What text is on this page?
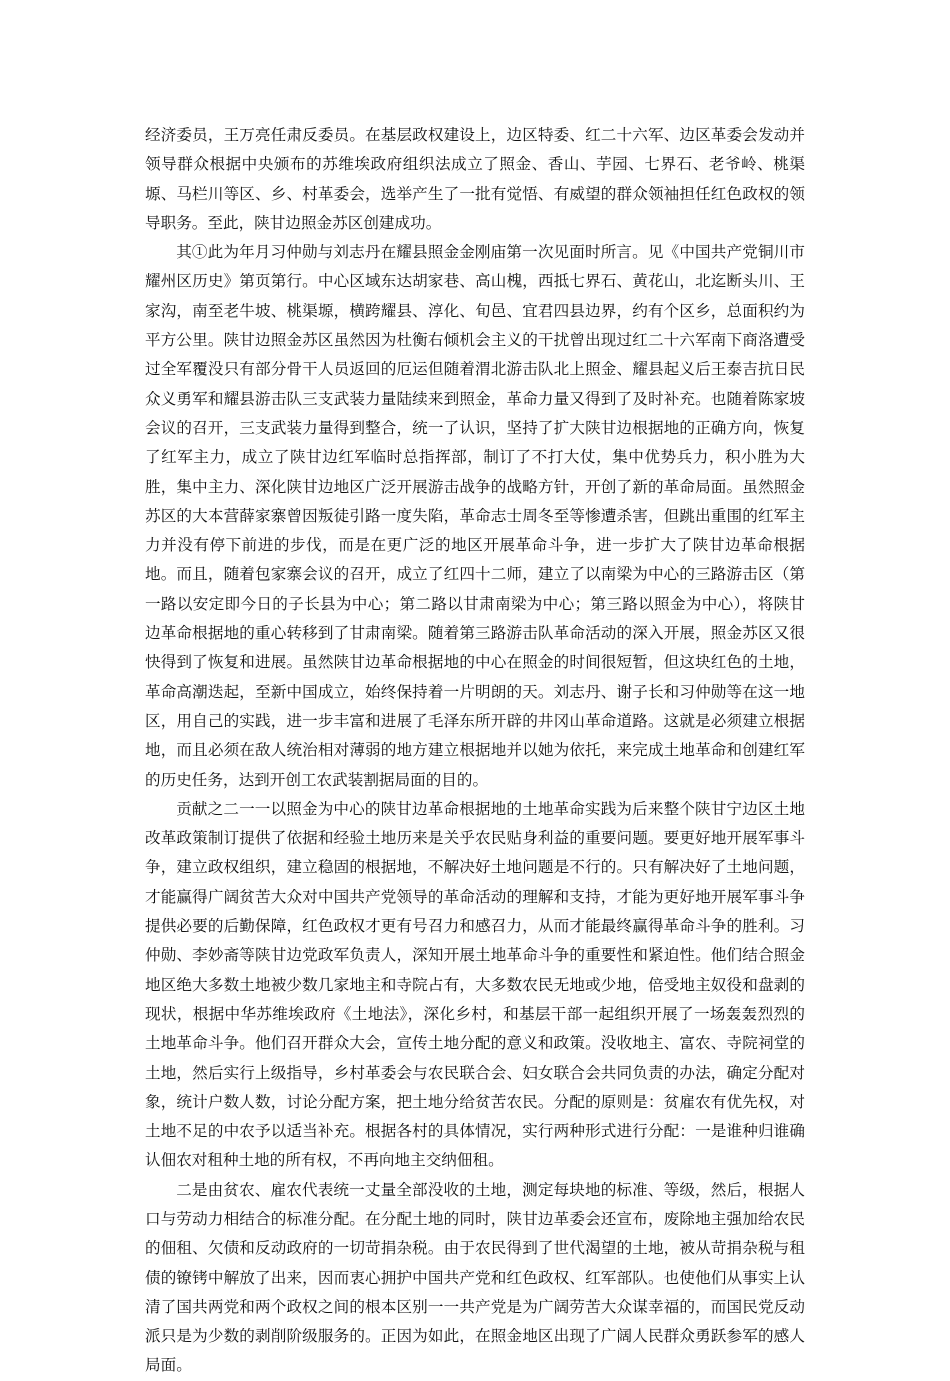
经济委员，王万亮任肃反委员。在基层政权建设上，边区特委、红二十六军、边区革委会发动并领导群众根据中央颁布的苏维埃政府组织法成立了照金、香山、芋园、七界石、老爷岭、桃渠塬、马栏川等区、乡、村革委会，选举产生了一批有觉悟、有威望的群众领袖担任红色政权的领导职务。至此，陕甘边照金苏区创建成功。

其①此为年月习仲勋与刘志丹在耀县照金金刚庙第一次见面时所言。见《中国共产党铜川市耀州区历史》第页第行。中心区域东达胡家巷、高山槐，西抵七界石、黄花山，北迄断头川、王家沟，南至老牛坡、桃渠塬，横跨耀县、淳化、旬邑、宜君四县边界，约有个区乡，总面积约为平方公里。陕甘边照金苏区虽然因为杜衡右倾机会主义的干扰曾出现过红二十六军南下商洛遭受过全军覆没只有部分骨干人员返回的厄运但随着渭北游击队北上照金、耀县起义后王泰吉抗日民众义勇军和耀县游击队三支武装力量陆续来到照金，革命力量又得到了及时补充。也随着陈家坡会议的召开，三支武装力量得到整合，统一了认识，坚持了扩大陕甘边根据地的正确方向，恢复了红军主力，成立了陕甘边红军临时总指挥部，制订了不打大仗，集中优势兵力，积小胜为大胜，集中主力、深化陕甘边地区广泛开展游击战争的战略方针，开创了新的革命局面。虽然照金苏区的大本营薛家寨曾因叛徒引路一度失陷，革命志士周冬至等惨遭杀害，但跳出重围的红军主力并没有停下前进的步伐，而是在更广泛的地区开展革命斗争，进一步扩大了陕甘边革命根据地。而且，随着包家寨会议的召开，成立了红四十二师，建立了以南梁为中心的三路游击区（第一路以安定即今日的子长县为中心；第二路以甘肃南梁为中心；第三路以照金为中心），将陕甘边革命根据地的重心转移到了甘肃南梁。随着第三路游击队革命活动的深入开展，照金苏区又很快得到了恢复和进展。虽然陕甘边革命根据地的中心在照金的时间很短暂，但这块红色的土地，革命高潮迭起，至新中国成立，始终保持着一片明朗的天。刘志丹、谢子长和习仲勋等在这一地区，用自己的实践，进一步丰富和进展了毛泽东所开辟的井冈山革命道路。这就是必须建立根据地，而且必须在敌人统治相对薄弱的地方建立根据地并以她为依托，来完成土地革命和创建红军的历史任务，达到开创工农武装割据局面的目的。

贡献之二一一以照金为中心的陕甘边革命根据地的土地革命实践为后来整个陕甘宁边区土地改革政策制订提供了依据和经验土地历来是关乎农民贴身利益的重要问题。要更好地开展军事斗争，建立政权组织，建立稳固的根据地，不解决好土地问题是不行的。只有解决好了土地问题，才能赢得广阔贫苦大众对中国共产党领导的革命活动的理解和支持，才能为更好地开展军事斗争提供必要的后勤保障，红色政权才更有号召力和感召力，从而才能最终赢得革命斗争的胜利。习仲勋、李妙斋等陕甘边党政军负责人，深知开展土地革命斗争的重要性和紧迫性。他们结合照金地区绝大多数土地被少数几家地主和寺院占有，大多数农民无地或少地，倍受地主奴役和盘剥的现状，根据中华苏维埃政府《土地法》，深化乡村，和基层干部一起组织开展了一场轰轰烈烈的土地革命斗争。他们召开群众大会，宣传土地分配的意义和政策。没收地主、富农、寺院祠堂的土地，然后实行上级指导，乡村革委会与农民联合会、妇女联合会共同负责的办法，确定分配对象，统计户数人数，讨论分配方案，把土地分给贫苦农民。分配的原则是：贫雇农有优先权，对土地不足的中农予以适当补充。根据各村的具体情况，实行两种形式进行分配：一是谁种归谁确认佃农对租种土地的所有权，不再向地主交纳佃租。

二是由贫农、雇农代表统一丈量全部没收的土地，测定每块地的标准、等级，然后，根据人口与劳动力相结合的标准分配。在分配土地的同时，陕甘边革委会还宣布，废除地主强加给农民的佃租、欠债和反动政府的一切苛捐杂税。由于农民得到了世代渴望的土地，被从苛捐杂税与租债的镣铐中解放了出来，因而衷心拥护中国共产党和红色政权、红军部队。也使他们从事实上认清了国共两党和两个政权之间的根本区别一一共产党是为广阔劳苦大众谋幸福的，而国民党反动派只是为少数的剥削阶级服务的。正因为如此，在照金地区出现了广阔人民群众勇跃参军的感人局面。
